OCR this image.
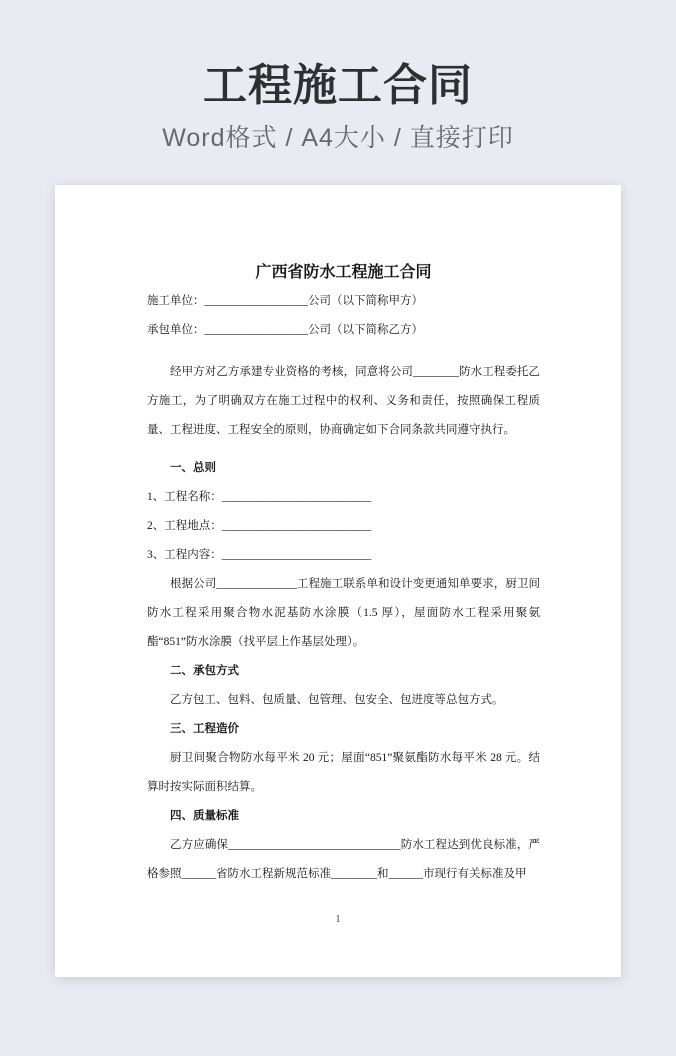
工程施工合同
Word格式 / A4大小 / 直接打印

广西省防水工程施工合同

施工单位：__________________公司（以下简称甲方）

承包单位：__________________公司（以下简称乙方）

经甲方对乙方承建专业资格的考核，同意将公司________防水工程委托乙方施工，为了明确双方在施工过程中的权利、义务和责任，按照确保工程质量、工程进度、工程安全的原则，协商确定如下合同条款共同遵守执行。

一、总则

1、工程名称：__________________________

2、工程地点：__________________________

3、工程内容：__________________________

根据公司______________工程施工联系单和设计变更通知单要求，厨卫间防水工程采用聚合物水泥基防水涂膜（1.5 厚），屋面防水工程采用聚氨酯“851”防水涂膜（找平层上作基层处理）。

二、承包方式

乙方包工、包料、包质量、包管理、包安全、包进度等总包方式。

三、工程造价

厨卫间聚合物防水每平米 20 元；屋面“851”聚氨酯防水每平米 28 元。结算时按实际面积结算。

四、质量标准

乙方应确保______________________________防水工程达到优良标准，严格参照______省防水工程新规范标准________和______市现行有关标准及甲

1
